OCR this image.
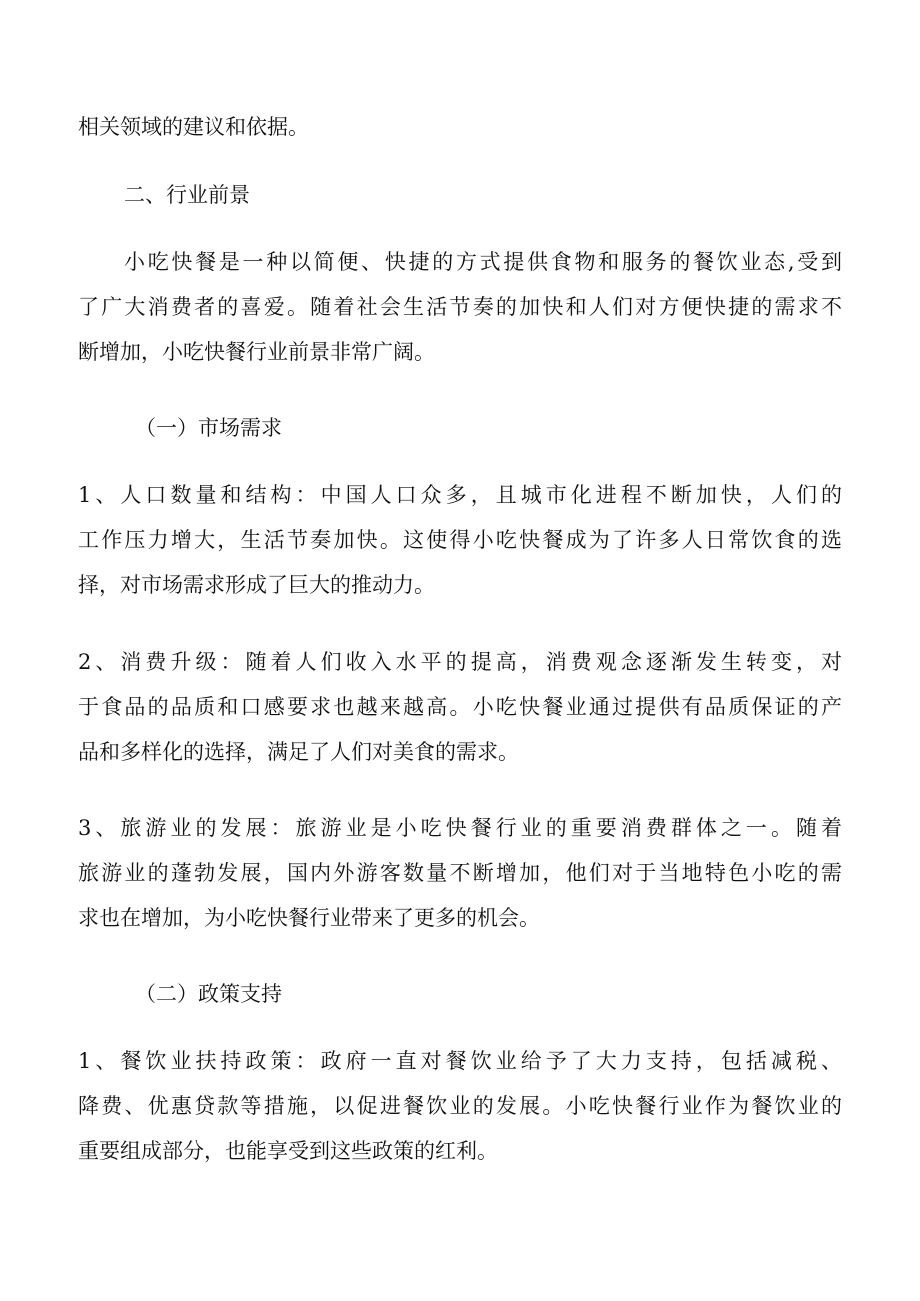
相关领域的建议和依据。
二、行业前景
小吃快餐是一种以简便、快捷的方式提供食物和服务的餐饮业态,受到
了广大消费者的喜爱。随着社会生活节奏的加快和人们对方便快捷的需求不
断增加，小吃快餐行业前景非常广阔。
（一）市场需求
1、人口数量和结构：中国人口众多，且城市化进程不断加快，人们的
工作压力增大，生活节奏加快。这使得小吃快餐成为了许多人日常饮食的选
择，对市场需求形成了巨大的推动力。
2、消费升级：随着人们收入水平的提高，消费观念逐渐发生转变，对
于食品的品质和口感要求也越来越高。小吃快餐业通过提供有品质保证的产
品和多样化的选择，满足了人们对美食的需求。
3、旅游业的发展：旅游业是小吃快餐行业的重要消费群体之一。随着
旅游业的蓬勃发展，国内外游客数量不断增加，他们对于当地特色小吃的需
求也在增加，为小吃快餐行业带来了更多的机会。
（二）政策支持
1、餐饮业扶持政策：政府一直对餐饮业给予了大力支持，包括减税、
降费、优惠贷款等措施，以促进餐饮业的发展。小吃快餐行业作为餐饮业的
重要组成部分，也能享受到这些政策的红利。
